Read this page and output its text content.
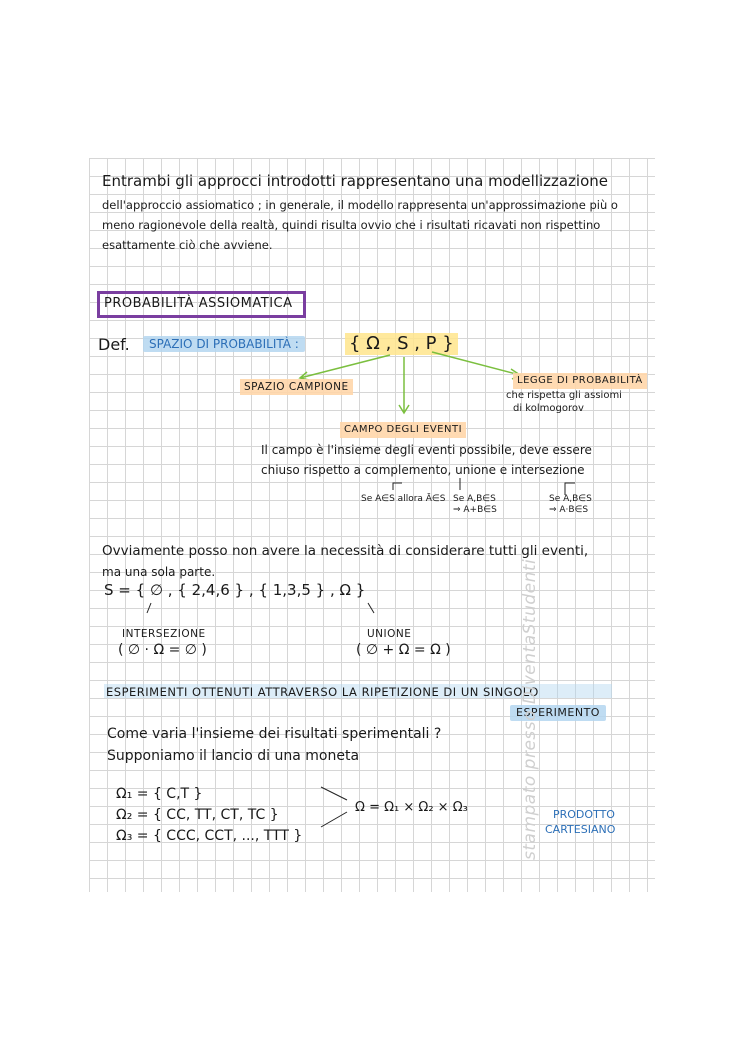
Entrambi gli approcci introdotti rappresentano una modellizzazione
dell'approccio assiomatico ; in generale, il modello rappresenta un'approssimazione più o
meno ragionevole della realtà, quindi risulta ovvio che i risultati ricavati non rispettino
esattamente ciò che avviene.
PROBABILITÀ ASSIOMATICA
Def.	SPAZIO DI PROBABILITÀ :	{ Ω , S , P }
SPAZIO CAMPIONE
LEGGE DI PROBABILITÀ
che rispetta gli assiomi
di kolmogorov
CAMPO DEGLI EVENTI
Il campo è l'insieme degli eventi possibile, deve essere
chiuso rispetto a complemento, unione e intersezione
Se A∈S allora Ā∈S Se A,B∈S
⇒ A+B∈S
Se A,B∈S
⇒ A·B∈S
Ovviamente posso non avere la necessità di considerare tutti gli eventi,
ma una sola parte.
S = { ∅ , { 2,4,6 } , { 1,3,5 } , Ω }
INTERSEZIONE
( ∅ · Ω = ∅ )
UNIONE
( ∅ + Ω = Ω )
ESPERIMENTI OTTENUTI ATTRAVERSO LA RIPETIZIONE DI UN SINGOLO
ESPERIMENTO
Come varia l'insieme dei risultati sperimentali ?
Supponiamo il lancio di una moneta
Ω₁ = { C,T }
Ω₂ = { CC, TT, CT, TC }
Ω₃ = { CCC, CCT, ..., TTT }
Ω = Ω₁ × Ω₂ × Ω₃	PRODOTTO
CARTESIANO
stampato presso DiventaStudenti
